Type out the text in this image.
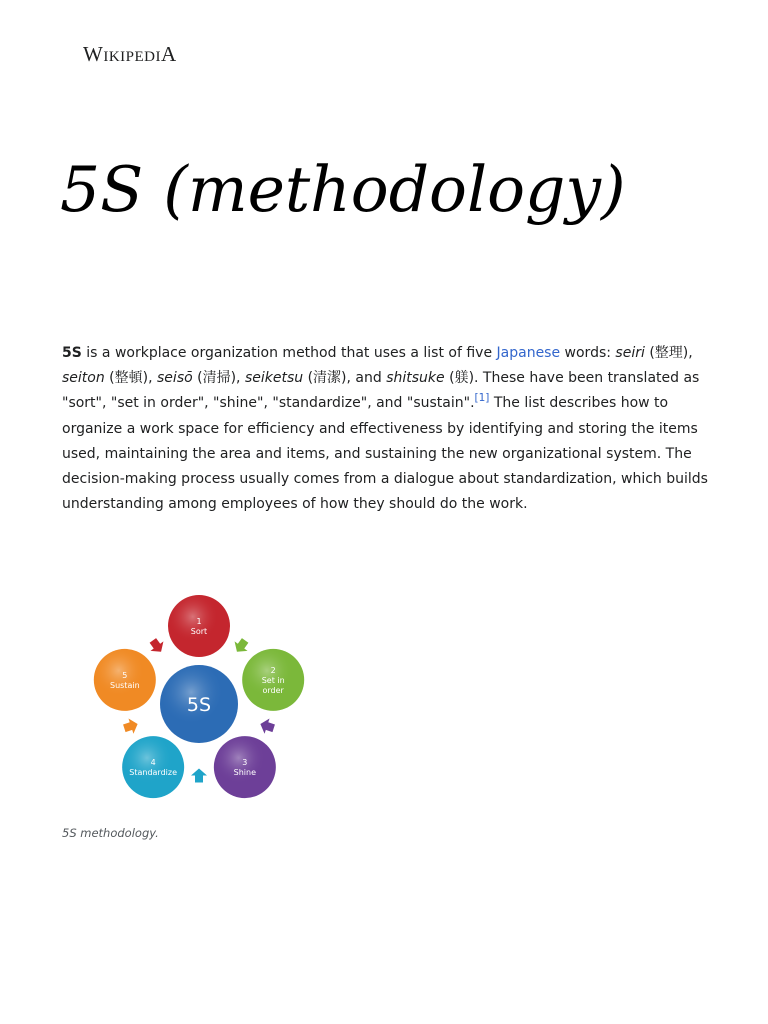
WikipediA
5S (methodology)

5S is a workplace organization method that uses a list of five Japanese words: seiri (整理), seiton (整頓), seisō (清掃), seiketsu (清潔), and shitsuke (躾). These have been translated as "sort", "set in order", "shine", "standardize", and "sustain".[1] The list describes how to organize a work space for efficiency and effectiveness by identifying and storing the items used, maintaining the area and items, and sustaining the new organizational system. The decision-making process usually comes from a dialogue about standardization, which builds understanding among employees of how they should do the work.

5S
1
Sort
2
Set in
order
3
Shine
4
Standardize
5
Sustain
5S methodology.
